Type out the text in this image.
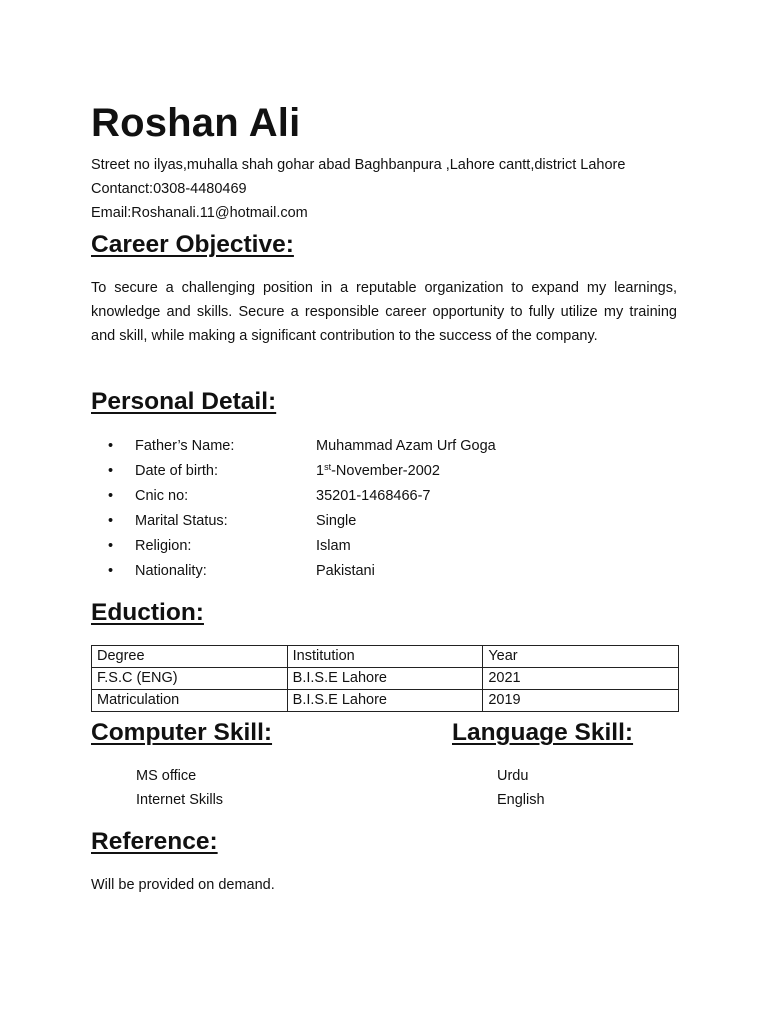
Roshan Ali
Street no ilyas,muhalla shah gohar abad Baghbanpura ,Lahore cantt,district Lahore
Contanct:0308-4480469
Email:Roshanali.11@hotmail.com
Career Objective:

To secure a challenging position in a reputable organization to expand my learnings, knowledge and skills. Secure a responsible career opportunity to fully utilize my training and skill, while making a significant contribution to the success of the company.

Personal Detail:
•	Father’s Name:	Muhammad Azam Urf Goga
•	Date of birth:	1st-November-2002
•	Cnic no:	35201-1468466-7
•	Marital Status:	Single
•	Religion:	Islam
•	Nationality:	Pakistani
Eduction:
Degree	Institution	Year
F.S.C (ENG)	B.I.S.E Lahore	2021
Matriculation	B.I.S.E Lahore	2019
Computer Skill:	Language Skill:
MS office
Internet Skills
Urdu
English
Reference:
Will be provided on demand.
